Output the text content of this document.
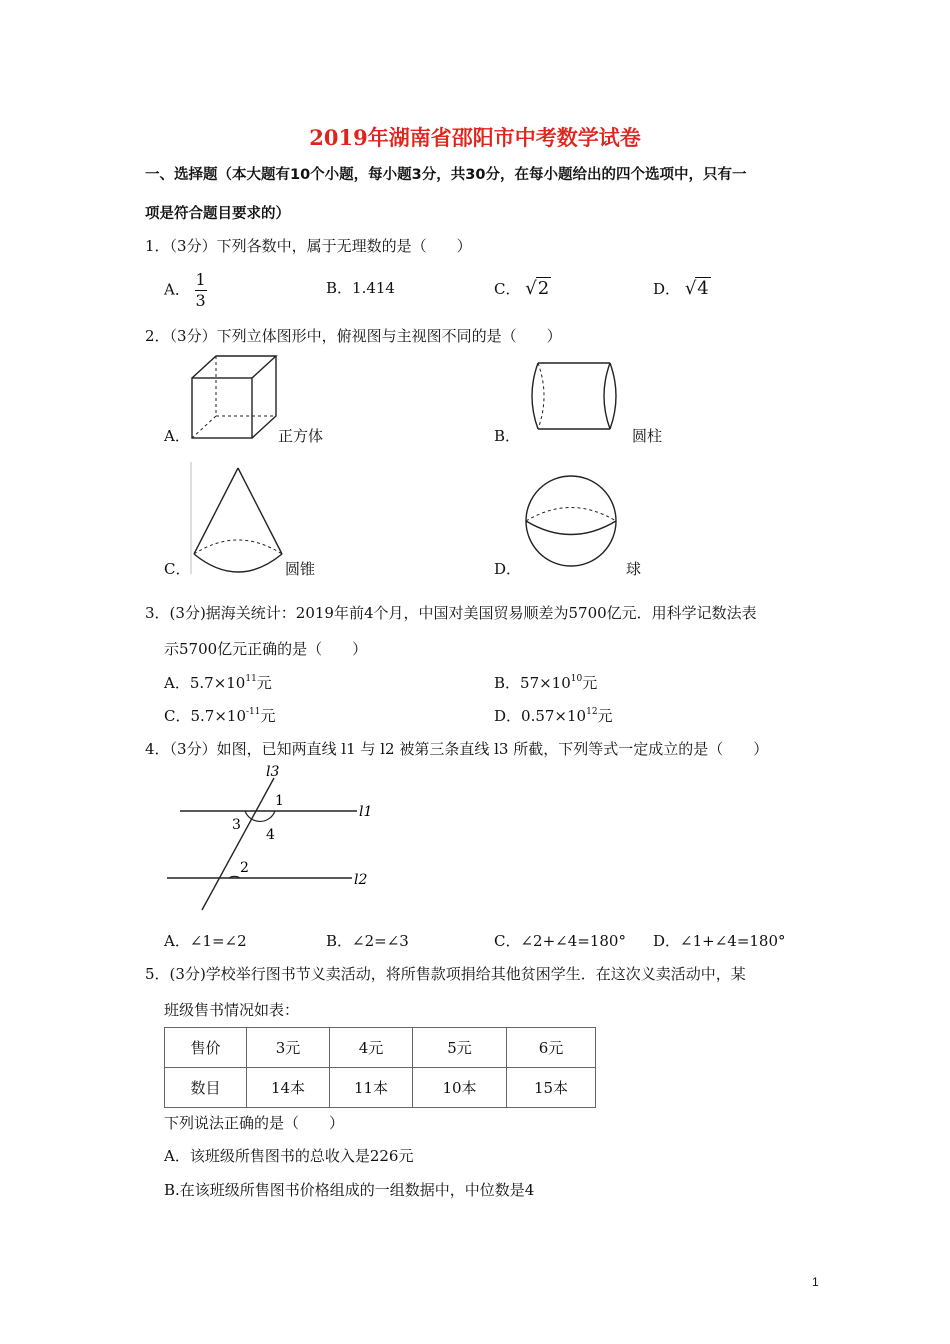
2019年湖南省邵阳市中考数学试卷
一、选择题（本大题有10个小题，每小题3分，共30分，在每小题给出的四个选项中，只有一
项是符合题目要求的）
1．（3分）下列各数中，属于无理数的是（　　）
A． $\frac{1}{3}$	B．1.414	C． √ 2	D． √ 4
2．（3分）下列立体图形中，俯视图与主视图不同的是（　　）
A．	正方体	B．	圆柱
C．	圆锥	D．	球
3．(3分)据海关统计：2019年前4个月，中国对美国贸易顺差为5700亿元．用科学记数法表
示5700亿元正确的是（　　）
A．$5.7\times 10^{11}$元	B．$57\times 10^{10}$元
C．$5.7\times 10^{-11}$元	D．$0.57\times 10^{12}$元
4．（3分）如图，已知两直线 l1 与 l2 被第三条直线 l3 所截，下列等式一定成立的是（　　）
l3
l1
l2
1
2
3
4
A．∠1=∠2	B．∠2=∠3	C．∠2+∠4=180° D．∠1+∠4=180°
5．(3分)学校举行图书节义卖活动，将所售款项捐给其他贫困学生．在这次义卖活动中，某
班级售书情况如表：
售价	3元	4元	5元	6元
数目	14本	11本	10本	15本
下列说法正确的是（　　）
A．该班级所售图书的总收入是226元
B.在该班级所售图书价格组成的一组数据中，中位数是4
1
